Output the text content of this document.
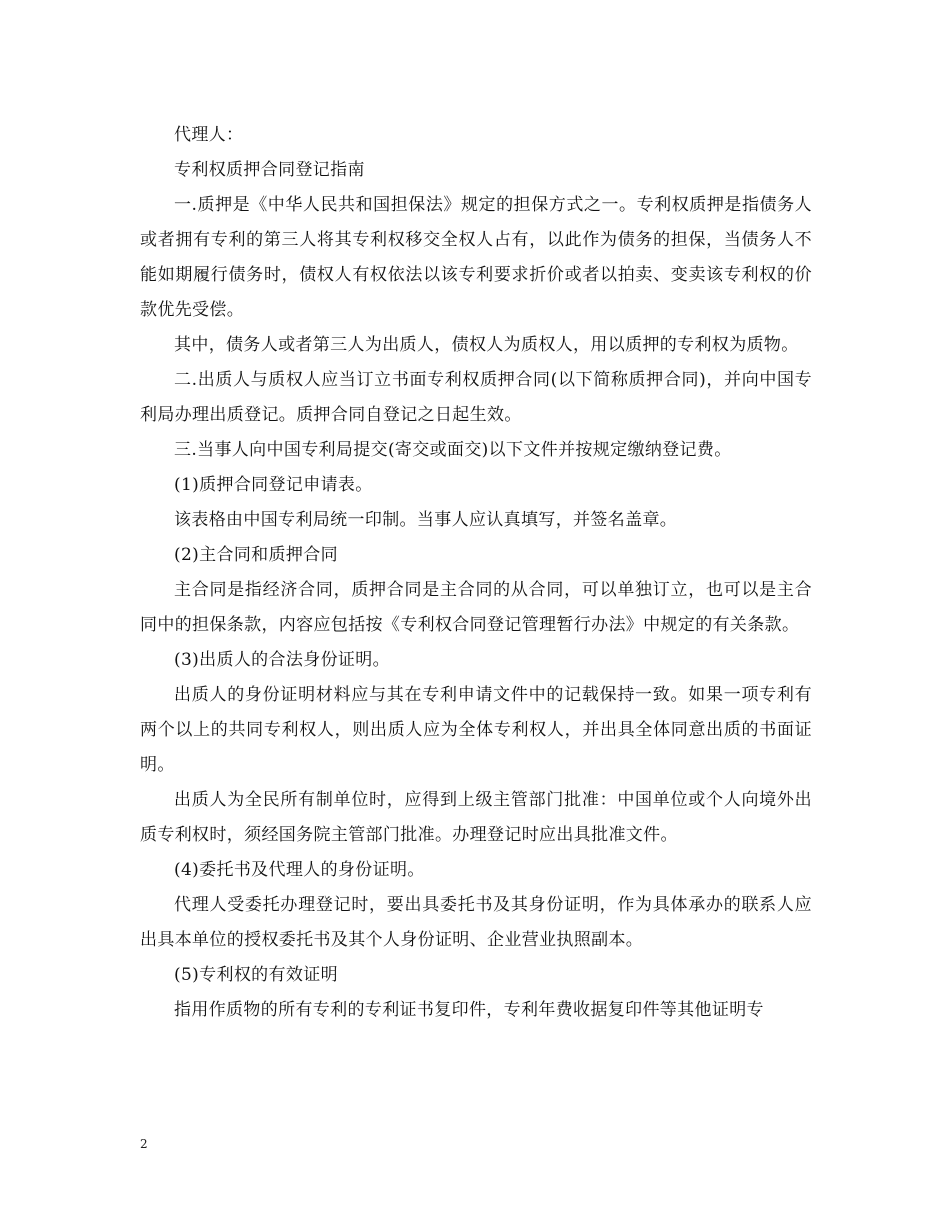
代理人：

专利权质押合同登记指南

一.质押是《中华人民共和国担保法》规定的担保方式之一。专利权质押是指债务人或者拥有专利的第三人将其专利权移交全权人占有，以此作为债务的担保，当债务人不能如期履行债务时，债权人有权依法以该专利要求折价或者以拍卖、变卖该专利权的价款优先受偿。

其中，债务人或者第三人为出质人，债权人为质权人，用以质押的专利权为质物。

二.出质人与质权人应当订立书面专利权质押合同(以下简称质押合同)，并向中国专利局办理出质登记。质押合同自登记之日起生效。

三.当事人向中国专利局提交(寄交或面交)以下文件并按规定缴纳登记费。

(1)质押合同登记申请表。

该表格由中国专利局统一印制。当事人应认真填写，并签名盖章。

(2)主合同和质押合同

主合同是指经济合同，质押合同是主合同的从合同，可以单独订立，也可以是主合同中的担保条款，内容应包括按《专利权合同登记管理暂行办法》中规定的有关条款。

(3)出质人的合法身份证明。

出质人的身份证明材料应与其在专利申请文件中的记载保持一致。如果一项专利有两个以上的共同专利权人，则出质人应为全体专利权人，并出具全体同意出质的书面证明。

出质人为全民所有制单位时，应得到上级主管部门批准：中国单位或个人向境外出质专利权时，须经国务院主管部门批准。办理登记时应出具批准文件。

(4)委托书及代理人的身份证明。

代理人受委托办理登记时，要出具委托书及其身份证明，作为具体承办的联系人应出具本单位的授权委托书及其个人身份证明、企业营业执照副本。

(5)专利权的有效证明

指用作质物的所有专利的专利证书复印件，专利年费收据复印件等其他证明专

2
